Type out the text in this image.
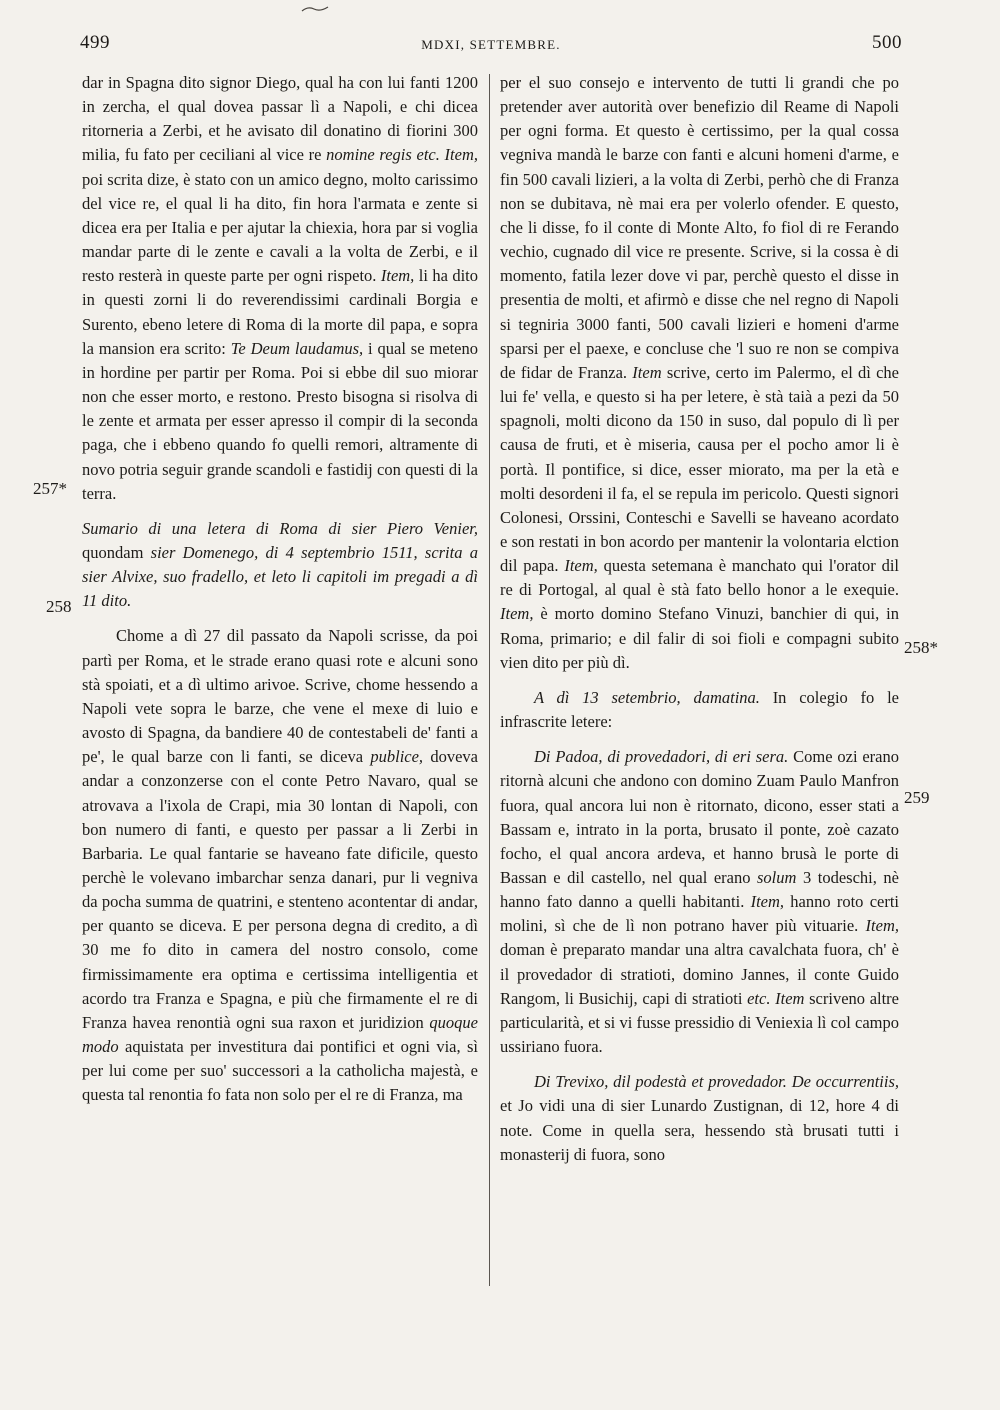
499	MDXI, SETTEMBRE.	500
257*
258
258*
259

dar in Spagna dito signor Diego, qual ha con lui fanti 1200 in zercha, el qual dovea passar lì a Napoli, e chi dicea ritorneria a Zerbi, et he avisato dil donatino di fiorini 300 milia, fu fato per ceciliani al vice re nomine regis etc. Item, poi scrita dize, è stato con un amico degno, molto carissimo del vice re, el qual li ha dito, fin hora l'armata e zente si dicea era per Italia e per ajutar la chiexia, hora par si voglia mandar parte di le zente e cavali a la volta de Zerbi, e il resto resterà in queste parte per ogni rispeto. Item, li ha dito in questi zorni li do reverendissimi cardinali Borgia e Surento, ebeno letere di Roma di la morte dil papa, e sopra la mansion era scrito: Te Deum laudamus, i qual se meteno in hordine per partir per Roma. Poi si ebbe dil suo miorar non che esser morto, e restono. Presto bisogna si risolva di le zente et armata per esser apresso il compir di la seconda paga, che i ebbeno quando fo quelli remori, altramente di novo potria seguir grande scandoli e fastidij con questi di la terra.

Sumario di una letera di Roma di sier Piero Venier, quondam sier Domenego, di 4 septembrio 1511, scrita a sier Alvixe, suo fradello, et leto li capitoli im pregadi a dì 11 dito.

Chome a dì 27 dil passato da Napoli scrisse, da poi partì per Roma, et le strade erano quasi rote e alcuni sono stà spoiati, et a dì ultimo arivoe. Scrive, chome hessendo a Napoli vete sopra le barze, che vene el mexe di luio e avosto di Spagna, da bandiere 40 de contestabeli de' fanti a pe', le qual barze con li fanti, se diceva publice, doveva andar a conzonzerse con el conte Petro Navaro, qual se atrovava a l'ixola de Crapi, mia 30 lontan di Napoli, con bon numero di fanti, e questo per passar a li Zerbi in Barbaria. Le qual fantarie se haveano fate dificile, questo perchè le volevano imbarchar senza danari, pur li vegniva da pocha summa de quatrini, e stenteno acontentar di andar, per quanto se diceva. E per persona degna di credito, a dì 30 me fo dito in camera del nostro consolo, come firmissimamente era optima e certissima intelligentia et acordo tra Franza e Spagna, e più che firmamente el re di Franza havea renontià ogni sua raxon et juridizion quoque modo aquistata per investitura dai pontifici et ogni via, sì per lui come per suo' successori a la catholicha majestà, e questa tal renontia fo fata non solo per el re di Franza, ma

per el suo consejo e intervento de tutti li grandi che po pretender aver autorità over benefizio dil Reame di Napoli per ogni forma. Et questo è certissimo, per la qual cossa vegniva mandà le barze con fanti e alcuni homeni d'arme, e fin 500 cavali lizieri, a la volta di Zerbi, perhò che di Franza non se dubitava, nè mai era per volerlo ofender. E questo, che li disse, fo il conte di Monte Alto, fo fiol di re Ferando vechio, cugnado dil vice re presente. Scrive, si la cossa è di momento, fatila lezer dove vi par, perchè questo el disse in presentia de molti, et afirmò e disse che nel regno di Napoli si tegniria 3000 fanti, 500 cavali lizieri e homeni d'arme sparsi per el paexe, e concluse che 'l suo re non se compiva de fidar de Franza. Item scrive, certo im Palermo, el dì che lui fe' vella, e questo si ha per letere, è stà taià a pezi da 50 spagnoli, molti dicono da 150 in suso, dal populo di lì per causa de fruti, et è miseria, causa per el pocho amor li è portà. Il pontifice, si dice, esser miorato, ma per la età e molti desordeni il fa, el se repula im pericolo. Questi signori Colonesi, Orssini, Conteschi e Savelli se haveano acordato e son restati in bon acordo per mantenir la volontaria elction dil papa. Item, questa setemana è manchato qui l'orator dil re di Portogal, al qual è stà fato bello honor a le exequie. Item, è morto domino Stefano Vinuzi, banchier di qui, in Roma, primario; e dil falir di soi fioli e compagni subito vien dito per più dì.

A dì 13 setembrio, damatina. In colegio fo le infrascrite letere:

Di Padoa, di provedadori, di eri sera. Come ozi erano ritornà alcuni che andono con domino Zuam Paulo Manfron fuora, qual ancora lui non è ritornato, dicono, esser stati a Bassam e, intrato in la porta, brusato il ponte, zoè cazato focho, el qual ancora ardeva, et hanno brusà le porte di Bassan e dil castello, nel qual erano solum 3 todeschi, nè hanno fato danno a quelli habitanti. Item, hanno roto certi molini, sì che de lì non potrano haver più vituarie. Item, doman è preparato mandar una altra cavalchata fuora, ch' è il provedador di stratioti, domino Jannes, il conte Guido Rangom, li Busichij, capi di stratioti etc. Item scriveno altre particularità, et si vi fusse pressidio di Veniexia lì col campo ussiriano fuora.

Di Trevixo, dil podestà et provedador. De occurrentiis, et Jo vidi una di sier Lunardo Zustignan, di 12, hore 4 di note. Come in quella sera, hessendo stà brusati tutti i monasterij di fuora, sono
